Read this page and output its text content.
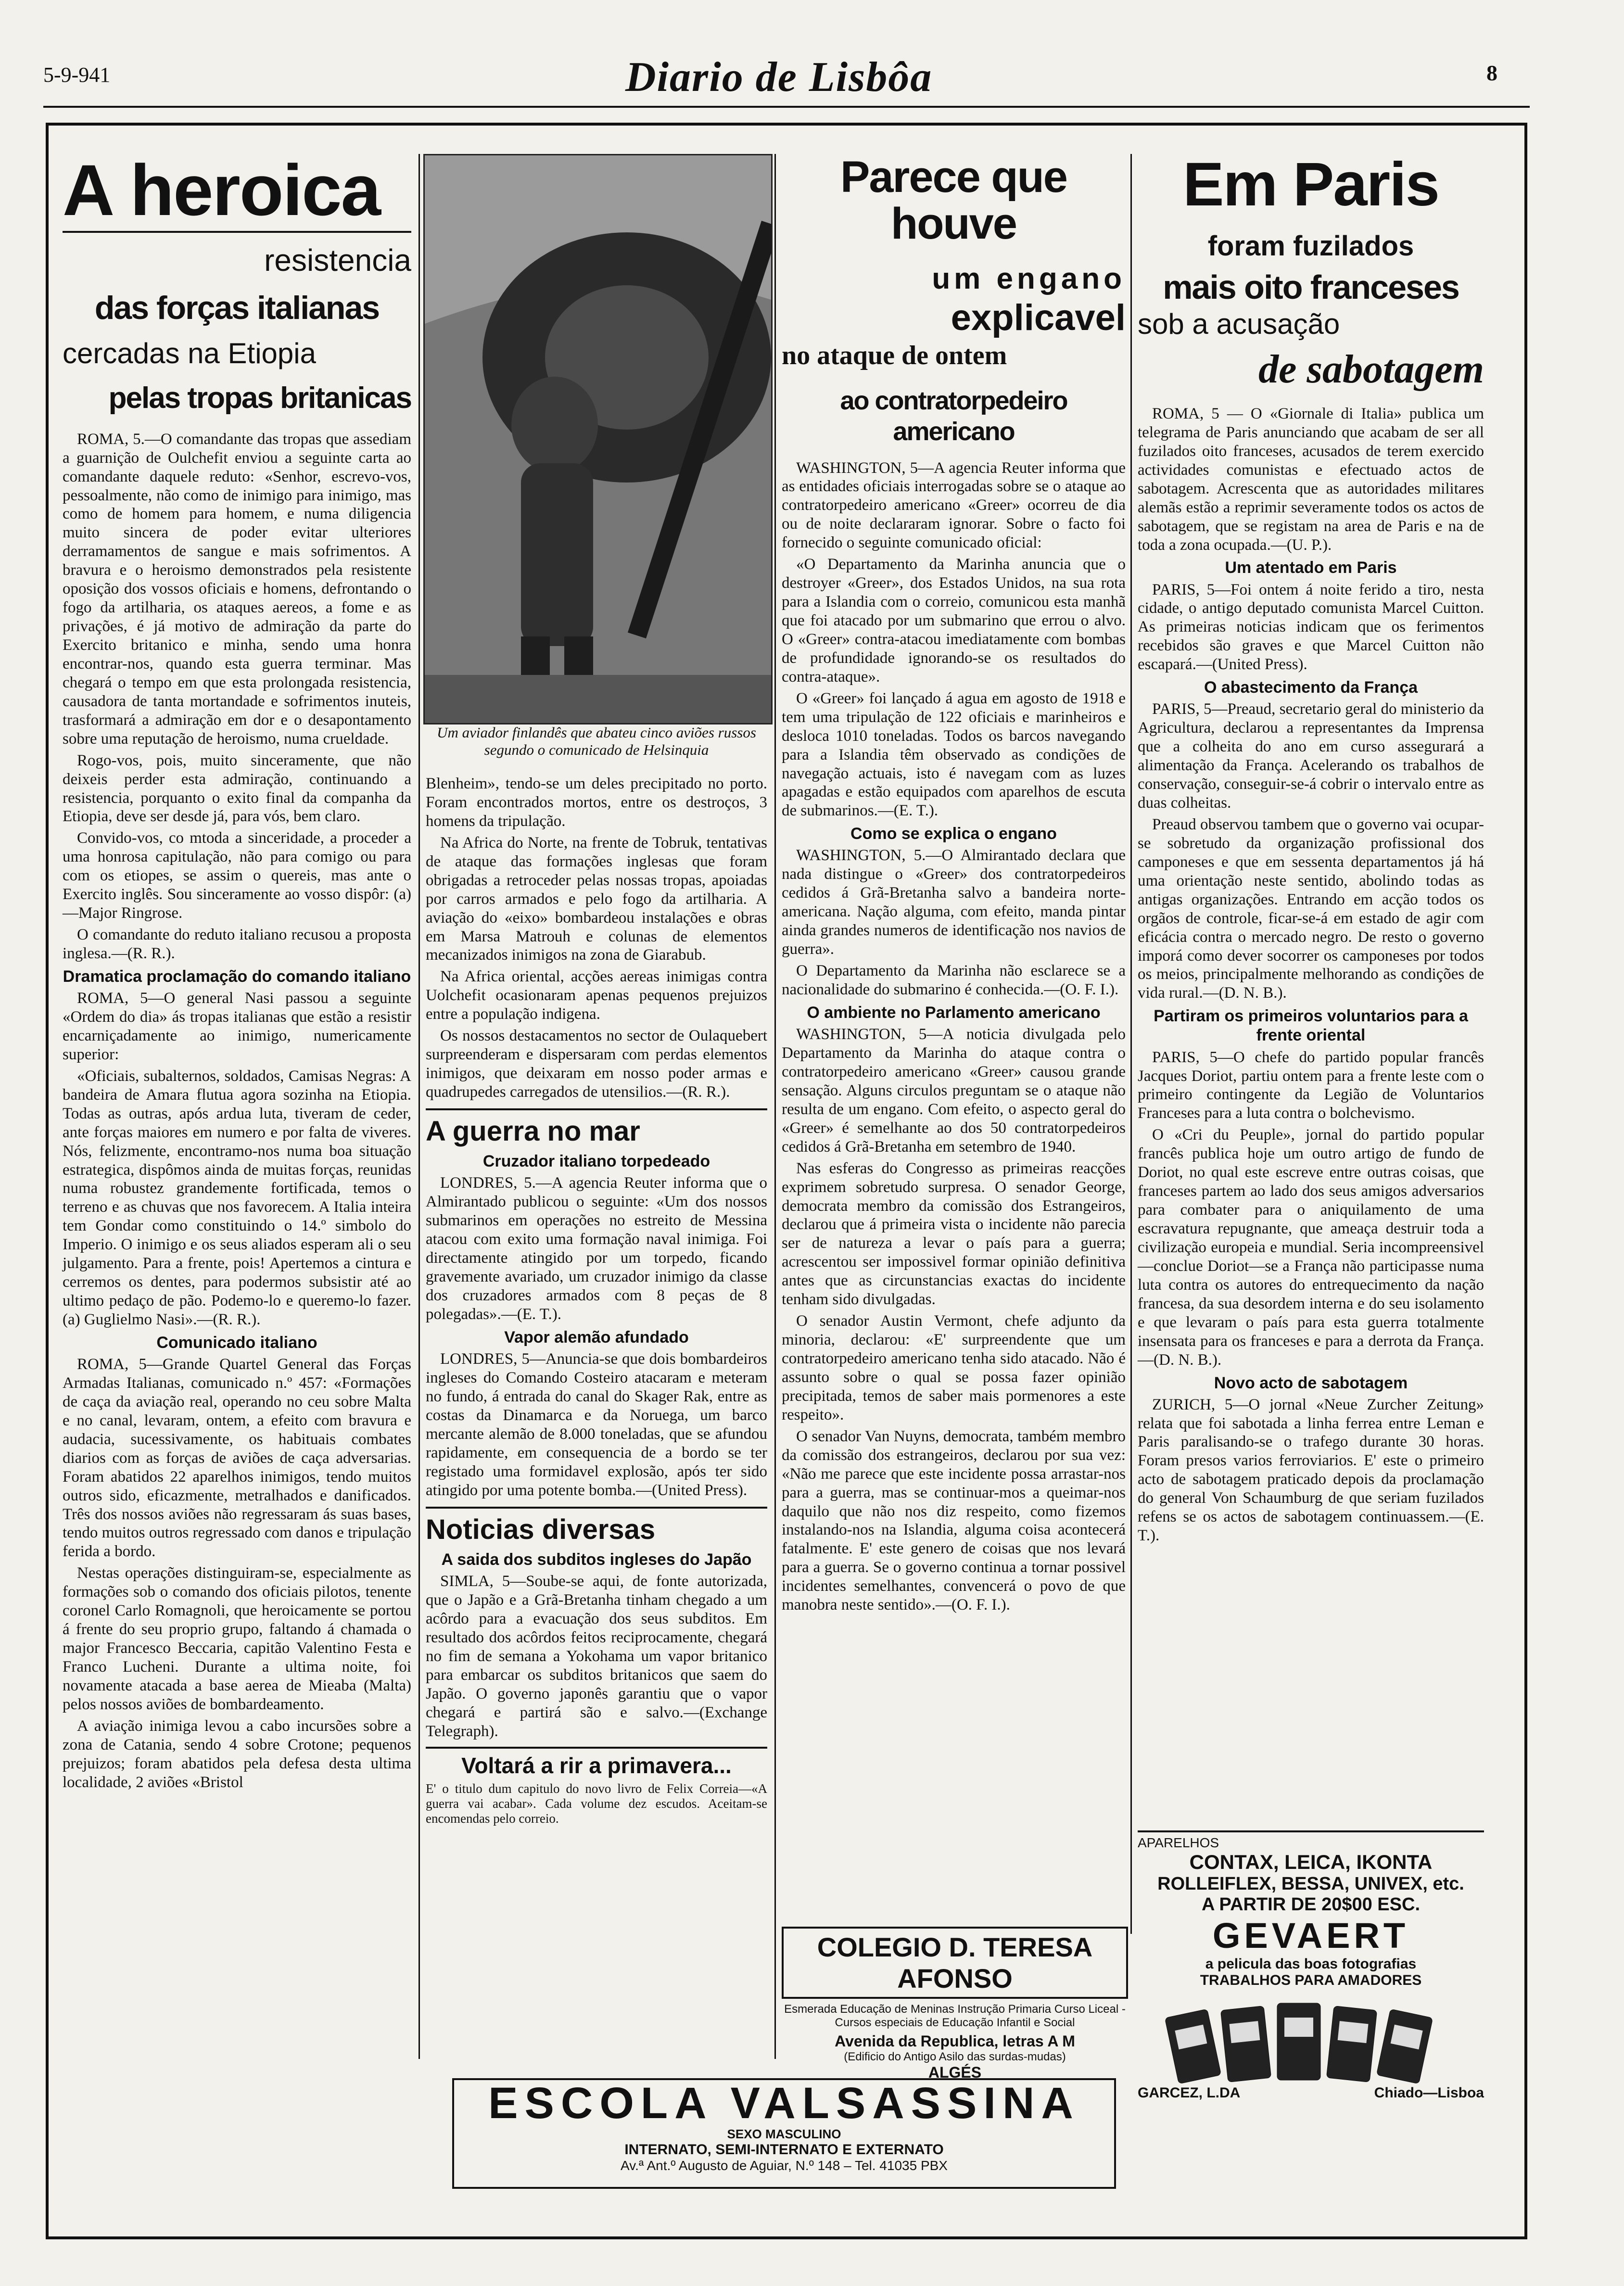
5-9-941	Diario de Lisbôa	8
A heroica
resistencia
das forças italianas
cercadas na Etiopia
pelas tropas britanicas

ROMA, 5.—O comandante das tropas que assediam a guarnição de Oulchefit enviou a seguinte carta ao comandante daquele reduto: «Senhor, escrevo-vos, pessoalmente, não como de inimigo para inimigo, mas como de homem para homem, e numa diligencia muito sincera de poder evitar ulteriores derramamentos de sangue e mais sofrimentos. A bravura e o heroismo demonstrados pela resistente oposição dos vossos oficiais e homens, defrontando o fogo da artilharia, os ataques aereos, a fome e as privações, é já motivo de admiração da parte do Exercito britanico e minha, sendo uma honra encontrar-nos, quando esta guerra terminar. Mas chegará o tempo em que esta prolongada resistencia, causadora de tanta mortandade e sofrimentos inuteis, trasformará a admiração em dor e o desapontamento sobre uma reputação de heroismo, numa crueldade.

Rogo-vos, pois, muito sinceramente, que não deixeis perder esta admiração, continuando a resistencia, porquanto o exito final da companha da Etiopia, deve ser desde já, para vós, bem claro.

Convido-vos, co mtoda a sinceridade, a proceder a uma honrosa capitulação, não para comigo ou para com os etiopes, se assim o quereis, mas ante o Exercito inglês. Sou sinceramente ao vosso dispôr: (a)—Major Ringrose.

O comandante do reduto italiano recusou a proposta inglesa.—(R. R.).

Dramatica proclamação do comando italiano

ROMA, 5—O general Nasi passou a seguinte «Ordem do dia» ás tropas italianas que estão a resistir encarniçadamente ao inimigo, numericamente superior:

«Oficiais, subalternos, soldados, Camisas Negras: A bandeira de Amara flutua agora sozinha na Etiopia. Todas as outras, após ardua luta, tiveram de ceder, ante forças maiores em numero e por falta de viveres. Nós, felizmente, encontramo-nos numa boa situação estrategica, dispômos ainda de muitas forças, reunidas numa robustez grandemente fortificada, temos o terreno e as chuvas que nos favorecem. A Italia inteira tem Gondar como constituindo o 14.º simbolo do Imperio. O inimigo e os seus aliados esperam ali o seu julgamento. Para a frente, pois! Apertemos a cintura e cerremos os dentes, para podermos subsistir até ao ultimo pedaço de pão. Podemo-lo e queremo-lo fazer. (a) Guglielmo Nasi».—(R. R.).

Comunicado italiano

ROMA, 5—Grande Quartel General das Forças Armadas Italianas, comunicado n.º 457: «Formações de caça da aviação real, operando no ceu sobre Malta e no canal, levaram, ontem, a efeito com bravura e audacia, sucessivamente, os habituais combates diarios com as forças de aviões de caça adversarias. Foram abatidos 22 aparelhos inimigos, tendo muitos outros sido, eficazmente, metralhados e danificados. Três dos nossos aviões não regressaram ás suas bases, tendo muitos outros regressado com danos e tripulação ferida a bordo.

Nestas operações distinguiram-se, especialmente as formações sob o comando dos oficiais pilotos, tenente coronel Carlo Romagnoli, que heroicamente se portou á frente do seu proprio grupo, faltando á chamada o major Francesco Beccaria, capitão Valentino Festa e Franco Lucheni. Durante a ultima noite, foi novamente atacada a base aerea de Mieaba (Malta) pelos nossos aviões de bombardeamento.

A aviação inimiga levou a cabo incursões sobre a zona de Catania, sendo 4 sobre Crotone; pequenos prejuizos; foram abatidos pela defesa desta ultima localidade, 2 aviões «Bristol

Um aviador finlandês que abateu cinco aviões russos segundo o comunicado de Helsinquia

Blenheim», tendo-se um deles precipitado no porto. Foram encontrados mortos, entre os destroços, 3 homens da tripulação.

Na Africa do Norte, na frente de Tobruk, tentativas de ataque das formações inglesas que foram obrigadas a retroceder pelas nossas tropas, apoiadas por carros armados e pelo fogo da artilharia. A aviação do «eixo» bombardeou instalações e obras em Marsa Matrouh e colunas de elementos mecanizados inimigos na zona de Giarabub.

Na Africa oriental, acções aereas inimigas contra Uolchefit ocasionaram apenas pequenos prejuizos entre a população indigena.

Os nossos destacamentos no sector de Oulaquebert surpreenderam e dispersaram com perdas elementos inimigos, que deixaram em nosso poder armas e quadrupedes carregados de utensilios.—(R. R.).

A guerra no mar
Cruzador italiano torpedeado

LONDRES, 5.—A agencia Reuter informa que o Almirantado publicou o seguinte: «Um dos nossos submarinos em operações no estreito de Messina atacou com exito uma formação naval inimiga. Foi directamente atingido por um torpedo, ficando gravemente avariado, um cruzador inimigo da classe dos cruzadores armados com 8 peças de 8 polegadas».—(E. T.).

Vapor alemão afundado

LONDRES, 5—Anuncia-se que dois bombardeiros ingleses do Comando Costeiro atacaram e meteram no fundo, á entrada do canal do Skager Rak, entre as costas da Dinamarca e da Noruega, um barco mercante alemão de 8.000 toneladas, que se afundou rapidamente, em consequencia de a bordo se ter registado uma formidavel explosão, após ter sido atingido por uma potente bomba.—(United Press).

Noticias diversas
A saida dos subditos ingleses do Japão

SIMLA, 5—Soube-se aqui, de fonte autorizada, que o Japão e a Grã-Bretanha tinham chegado a um acôrdo para a evacuação dos seus subditos. Em resultado dos acôrdos feitos reciprocamente, chegará no fim de semana a Yokohama um vapor britanico para embarcar os subditos britanicos que saem do Japão. O governo japonês garantiu que o vapor chegará e partirá são e salvo.—(Exchange Telegraph).

Voltará a rir a primavera...
E' o titulo dum capitulo do novo livro de Felix Correia—«A guerra vai acabar». Cada volume dez escudos. Aceitam-se encomendas pelo correio.
Parece que houve
um engano
explicavel
no ataque de ontem
ao contratorpedeiro americano

WASHINGTON, 5—A agencia Reuter informa que as entidades oficiais interrogadas sobre se o ataque ao contratorpedeiro americano «Greer» ocorreu de dia ou de noite declararam ignorar. Sobre o facto foi fornecido o seguinte comunicado oficial:

«O Departamento da Marinha anuncia que o destroyer «Greer», dos Estados Unidos, na sua rota para a Islandia com o correio, comunicou esta manhã que foi atacado por um submarino que errou o alvo. O «Greer» contra-atacou imediatamente com bombas de profundidade ignorando-se os resultados do contra-ataque».

O «Greer» foi lançado á agua em agosto de 1918 e tem uma tripulação de 122 oficiais e marinheiros e desloca 1010 toneladas. Todos os barcos navegando para a Islandia têm observado as condições de navegação actuais, isto é navegam com as luzes apagadas e estão equipados com aparelhos de escuta de submarinos.—(E. T.).

Como se explica o engano

WASHINGTON, 5.—O Almirantado declara que nada distingue o «Greer» dos contratorpedeiros cedidos á Grã-Bretanha salvo a bandeira norte-americana. Nação alguma, com efeito, manda pintar ainda grandes numeros de identificação nos navios de guerra».

O Departamento da Marinha não esclarece se a nacionalidade do submarino é conhecida.—(O. F. I.).

O ambiente no Parlamento americano

WASHINGTON, 5—A noticia divulgada pelo Departamento da Marinha do ataque contra o contratorpedeiro americano «Greer» causou grande sensação. Alguns circulos preguntam se o ataque não resulta de um engano. Com efeito, o aspecto geral do «Greer» é semelhante ao dos 50 contratorpedeiros cedidos á Grã-Bretanha em setembro de 1940.

Nas esferas do Congresso as primeiras reacções exprimem sobretudo surpresa. O senador George, democrata membro da comissão dos Estrangeiros, declarou que á primeira vista o incidente não parecia ser de natureza a levar o país para a guerra; acrescentou ser impossivel formar opinião definitiva antes que as circunstancias exactas do incidente tenham sido divulgadas.

O senador Austin Vermont, chefe adjunto da minoria, declarou: «E' surpreendente que um contratorpedeiro americano tenha sido atacado. Não é assunto sobre o qual se possa fazer opinião precipitada, temos de saber mais pormenores a este respeito».

O senador Van Nuyns, democrata, também membro da comissão dos estrangeiros, declarou por sua vez: «Não me parece que este incidente possa arrastar-nos para a guerra, mas se continuar-mos a queimar-nos daquilo que não nos diz respeito, como fizemos instalando-nos na Islandia, alguma coisa acontecerá fatalmente. E' este genero de coisas que nos levará para a guerra. Se o governo continua a tornar possivel incidentes semelhantes, convencerá o povo de que manobra neste sentido».—(O. F. I.).

COLEGIO D. TERESA AFONSO
Esmerada Educação de Meninas Instrução Primaria Curso Liceal - Cursos especiais de Educação Infantil e Social
Avenida da Republica, letras A M
(Edificio do Antigo Asilo das surdas-mudas)
ALGÉS
Em Paris
foram fuzilados
mais oito franceses
sob a acusação
de sabotagem

ROMA, 5 — O «Giornale di Italia» publica um telegrama de Paris anunciando que acabam de ser all fuzilados oito franceses, acusados de terem exercido actividades comunistas e efectuado actos de sabotagem. Acrescenta que as autoridades militares alemãs estão a reprimir severamente todos os actos de sabotagem, que se registam na area de Paris e na de toda a zona ocupada.—(U. P.).

Um atentado em Paris

PARIS, 5—Foi ontem á noite ferido a tiro, nesta cidade, o antigo deputado comunista Marcel Cuitton. As primeiras noticias indicam que os ferimentos recebidos são graves e que Marcel Cuitton não escapará.—(United Press).

O abastecimento da França

PARIS, 5—Preaud, secretario geral do ministerio da Agricultura, declarou a representantes da Imprensa que a colheita do ano em curso assegurará a alimentação da França. Acelerando os trabalhos de conservação, conseguir-se-á cobrir o intervalo entre as duas colheitas.

Preaud observou tambem que o governo vai ocupar-se sobretudo da organização profissional dos camponeses e que em sessenta departamentos já há uma orientação neste sentido, abolindo todas as antigas organizações. Entrando em acção todos os orgãos de controle, ficar-se-á em estado de agir com eficácia contra o mercado negro. De resto o governo imporá como dever socorrer os camponeses por todos os meios, principalmente melhorando as condições de vida rural.—(D. N. B.).

Partiram os primeiros voluntarios para a frente oriental

PARIS, 5—O chefe do partido popular francês Jacques Doriot, partiu ontem para a frente leste com o primeiro contingente da Legião de Voluntarios Franceses para a luta contra o bolchevismo.

O «Cri du Peuple», jornal do partido popular francês publica hoje um outro artigo de fundo de Doriot, no qual este escreve entre outras coisas, que franceses partem ao lado dos seus amigos adversarios para combater para o aniquilamento de uma escravatura repugnante, que ameaça destruir toda a civilização europeia e mundial. Seria incompreensivel—conclue Doriot—se a França não participasse numa luta contra os autores do entrequecimento da nação francesa, da sua desordem interna e do seu isolamento e que levaram o país para esta guerra totalmente insensata para os franceses e para a derrota da França.—(D. N. B.).

Novo acto de sabotagem

ZURICH, 5—O jornal «Neue Zurcher Zeitung» relata que foi sabotada a linha ferrea entre Leman e Paris paralisando-se o trafego durante 30 horas. Foram presos varios ferroviarios. E' este o primeiro acto de sabotagem praticado depois da proclamação do general Von Schaumburg de que seriam fuzilados refens se os actos de sabotagem continuassem.—(E. T.).

APARELHOS
CONTAX, LEICA, IKONTA
ROLLEIFLEX, BESSA, UNIVEX, etc.
A PARTIR DE 20$00 ESC.
GEVAERT
a pelicula das boas fotografias
TRABALHOS PARA AMADORES
GARCEZ, L.DA	Chiado—Lisboa
ESCOLA VALSASSINA
SEXO MASCULINO
INTERNATO, SEMI-INTERNATO E EXTERNATO
Av.ª Ant.º Augusto de Aguiar, N.º 148 – Tel. 41035 PBX
